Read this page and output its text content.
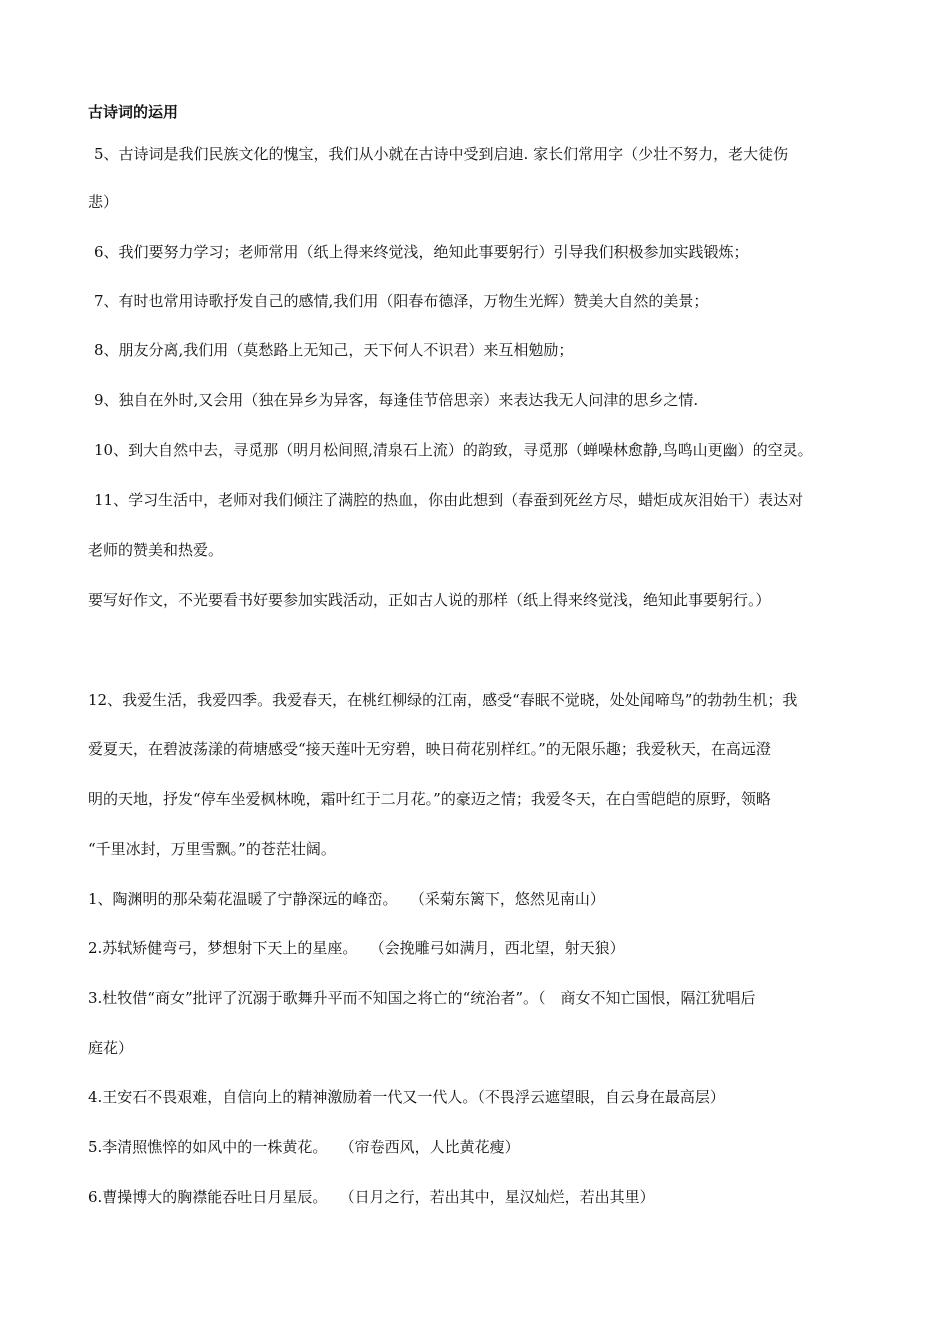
古诗词的运用
5、古诗词是我们民族文化的愧宝，我们从小就在古诗中受到启迪. 家长们常用字（少壮不努力，老大徒伤
悲）
6、我们要努力学习；老师常用（纸上得来终觉浅，绝知此事要躬行）引导我们积极参加实践锻炼；
7、有时也常用诗歌抒发自己的感情,我们用（阳春布德泽，万物生光辉）赞美大自然的美景；
8、朋友分离,我们用（莫愁路上无知己，天下何人不识君）来互相勉励；
9、独自在外时,又会用（独在异乡为异客，每逢佳节倍思亲）来表达我无人问津的思乡之情.
10、到大自然中去，寻觅那（明月松间照,清泉石上流）的韵致，寻觅那（蝉噪林愈静,鸟鸣山更幽）的空灵。
11、学习生活中，老师对我们倾注了满腔的热血，你由此想到（春蚕到死丝方尽，蜡炬成灰泪始干）表达对
老师的赞美和热爱。
要写好作文，不光要看书好要参加实践活动，正如古人说的那样（纸上得来终觉浅，绝知此事要躬行。）
12、我爱生活，我爱四季。我爱春天，在桃红柳绿的江南，感受“春眠不觉晓，处处闻啼鸟”的勃勃生机；我
爱夏天，在碧波荡漾的荷塘感受“接天莲叶无穷碧，映日荷花别样红。”的无限乐趣；我爱秋天，在高远澄
明的天地，抒发“停车坐爱枫林晚，霜叶红于二月花。”的豪迈之情；我爱冬天，在白雪皑皑的原野，领略
“千里冰封，万里雪飘。”的苍茫壮阔。
1、陶渊明的那朵菊花温暖了宁静深远的峰峦。　 （采菊东篱下，悠然见南山）
2.苏轼矫健弯弓，梦想射下天上的星座。　 （会挽雕弓如满月，西北望，射天狼）
3.杜牧借“商女”批评了沉溺于歌舞升平而不知国之将亡的“统治者”。（　商女不知亡国恨，隔江犹唱后
庭花）
4.王安石不畏艰难，自信向上的精神激励着一代又一代人。（不畏浮云遮望眼，自云身在最高层）
5.李清照憔悴的如风中的一株黄花。　 （帘卷西风，人比黄花瘦）
6.曹操博大的胸襟能吞吐日月星辰。　 （日月之行，若出其中，星汉灿烂，若出其里）
